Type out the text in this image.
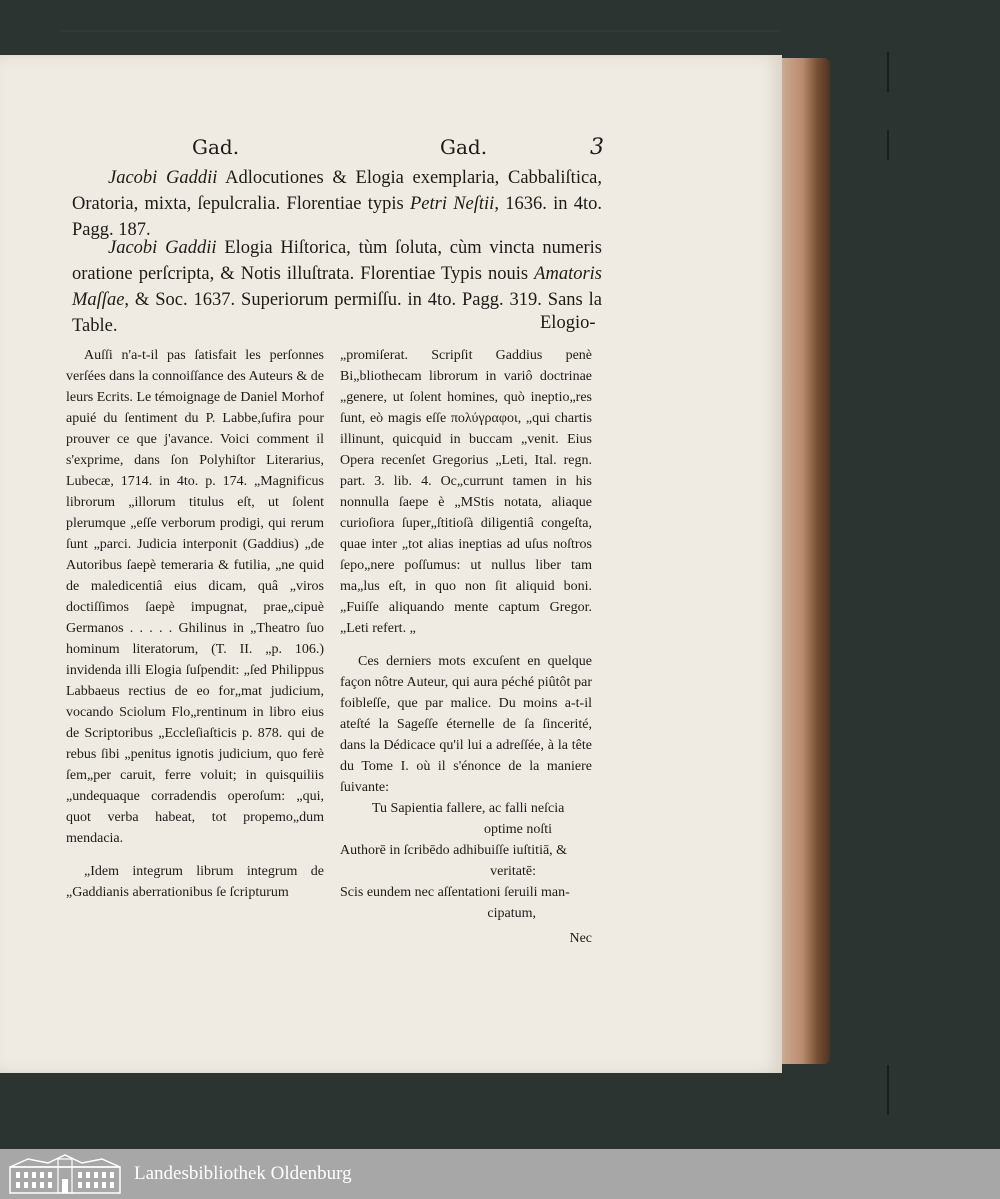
Gad.	Gad.	3
Jacobi Gaddii Adlocutiones & Elogia exemplaria, Cabbaliſtica, Oratoria, mixta, ſepulcralia. Florentiae typis Petri Neſtii, 1636. in 4to. Pagg. 187.
Jacobi Gaddii Elogia Hiſtorica, tùm ſoluta, cùm vincta numeris oratione perſcripta, & Notis illuſtrata. Florentiae Typis nouis Amatoris Maſſae, & Soc. 1637. Superiorum permiſſu. in 4to. Pagg. 319. Sans la Table.	Elogio-

Auſſi n'a-t-il pas ſatisfait les perſonnes verſées dans la connoiſſance des Auteurs & de leurs Ecrits. Le témoignage de Daniel Morhof apuié du ſentiment du P. Labbe,ſufira pour prouver ce que j'avance. Voici comment il s'exprime, dans ſon Polyhiſtor Literarius, Lubecæ, 1714. in 4to. p. 174. „Magnificus librorum „illorum titulus eſt, ut ſolent plerumque „eſſe verborum prodigi, qui rerum ſunt „parci. Judicia interponit (Gaddius) „de Autoribus ſaepè temeraria & futilia, „ne quid de maledicentiâ eius dicam, quâ „viros doctiſſimos ſaepè impugnat, prae„cipuè Germanos . . . . . Ghilinus in „Theatro ſuo hominum literatorum, (T. II. „p. 106.) invidenda illi Elogia ſuſpendit: „ſed Philippus Labbaeus rectius de eo for„mat judicium, vocando Sciolum Flo„rentinum in libro eius de Scriptoribus „Eccleſiaſticis p. 878. qui de rebus ſibi „penitus ignotis judicium, quo ferè ſem„per caruit, ferre voluit; in quisquiliis „undequaque corradendis operoſum: „qui, quot verba habeat, tot propemo„dum mendacia.

„Idem integrum librum integrum de „Gaddianis aberrationibus ſe ſcripturum

„promiſerat. Scripſit Gaddius penè Bi„bliothecam librorum in variô doctrinae „genere, ut ſolent homines, quò ineptio„res ſunt, eò magis eſſe πολύγραφοι, „qui chartis illinunt, quicquid in buccam „venit. Eius Opera recenſet Gregorius „Leti, Ital. regn. part. 3. lib. 4. Oc„currunt tamen in his nonnulla ſaepe è „MStis notata, aliaque curioſiora ſuper„ſtitioſà diligentiâ congeſta, quae inter „tot alias ineptias ad uſus noſtros ſepo„nere poſſumus: ut nullus liber tam ma„lus eſt, in quo non ſit aliquid boni. „Fuiſſe aliquando mente captum Gregor. „Leti refert. „

Ces derniers mots excuſent en quelque façon nôtre Auteur, qui aura péché piûtôt par foibleſſe, que par malice. Du moins a-t-il ateſté la Sageſſe éternelle de ſa ſincerité, dans la Dédicace qu'il lui a adreſſée, à la tête du Tome I. où il s'énonce de la maniere ſuivante:

Tu Sapientia fallere, ac falli neſcia
optime noſti
Authorē in ſcribēdo adhibuiſſe iuſtitiā, &
veritatē:
Scis eundem nec aſſentationi ſeruili man-
cipatum,
Nec
Landesbibliothek Oldenburg
